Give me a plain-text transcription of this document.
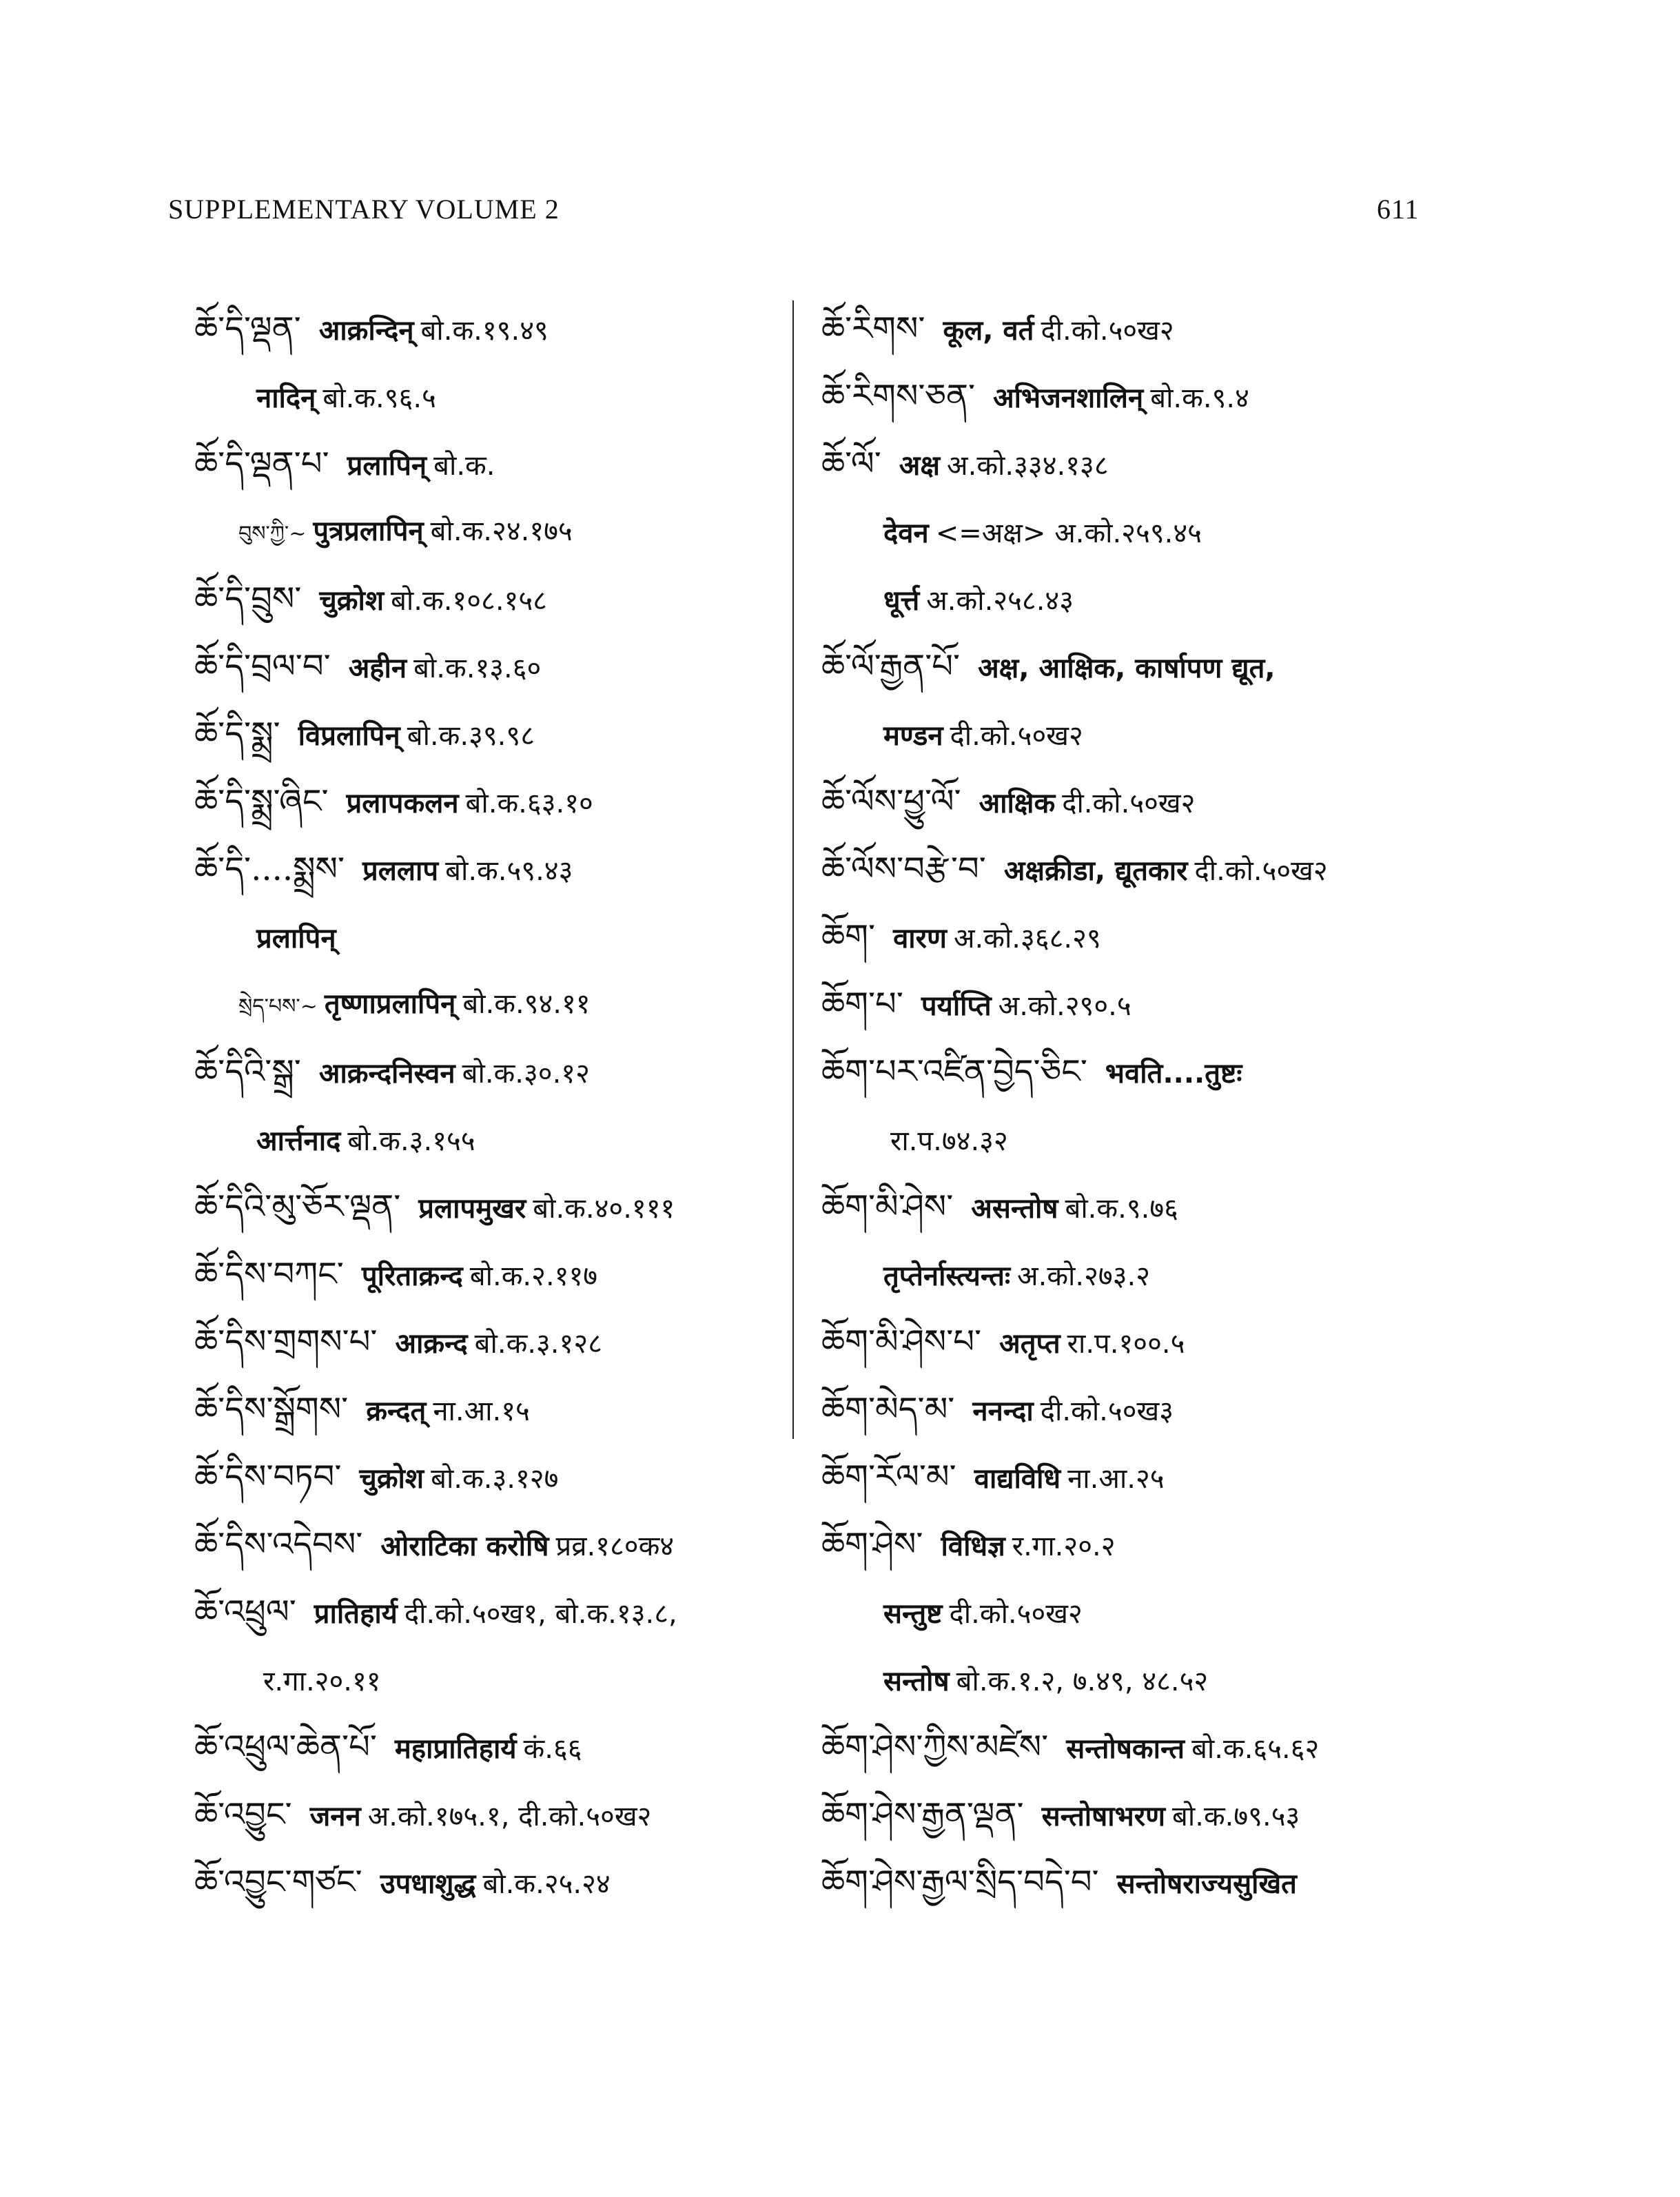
SUPPLEMENTARY VOLUME 2	611
ཆོ་དི་ལྡན་ आक्रन्दिन् बो.क.१९.४९
नादिन् बो.क.९६.५
ཆོ་དི་ལྡན་པ་ प्रलापिन् बो.क.
བུས་ཀྱི་~ पुत्रप्रलापिन् बो.क.२४.१७५
ཆོ་དི་བྲུས་ चुक्रोश बो.क.१०८.१५८
ཆོ་དི་བྲལ་བ་ अहीन बो.क.१३.६०
ཆོ་དི་སྨྲ་ विप्रलापिन् बो.क.३९.९८
ཆོ་དི་སྨྲ་ཞིང་ प्रलापकलन बो.क.६३.१०
ཆོ་དི་....སྨྲས་ प्रललाप बो.क.५९.४३
प्रलापिन्
སྲེད་པས་~ तृष्णाप्रलापिन् बो.क.९४.११
ཆོ་དིའི་སྒྲ་ आक्रन्दनिस्वन बो.क.३०.१२
आर्त्तनाद बो.क.३.१५५
ཆོ་དིའི་མུ་ཅོར་ལྡན་ प्रलापमुखर बो.क.४०.१११
ཆོ་དིས་བཀང་ पूरिताक्रन्द बो.क.२.११७
ཆོ་དིས་གྲགས་པ་ आक्रन्द बो.क.३.१२८
ཆོ་དིས་སྒྲོགས་ क्रन्दत् ना.आ.१५
ཆོ་དིས་བཏབ་ चुक्रोश बो.क.३.१२७
ཆོ་དིས་འདེབས་ ओराटिका करोषि प्रव्र.१८०क४
ཆོ་འཕྲུལ་ प्रातिहार्य दी.को.५०ख१, बो.क.१३.८,
र.गा.२०.११
ཆོ་འཕྲུལ་ཆེན་པོ་ महाप्रातिहार्य कं.६६
ཆོ་འབྱུང་ जनन अ.को.१७५.१, दी.को.५०ख२
ཆོ་འབྱུང་གཙང་ उपधाशुद्ध बो.क.२५.२४
ཆོ་རིགས་ कूल, वर्त दी.को.५०ख२
ཆོ་རིགས་ཅན་ अभिजनशालिन् बो.क.९.४
ཆོ་ལོ་ अक्ष अ.को.३३४.१३८
देवन <=अक्ष> अ.को.२५९.४५
धूर्त्त अ.को.२५८.४३
ཆོ་ལོ་རྒྱན་པོ་ अक्ष, आक्षिक, कार्षापण द्यूत,
मण्डन दी.को.५०ख२
ཆོ་ལོས་ཕྱུ་ལོ་ आक्षिक दी.को.५०ख२
ཆོ་ལོས་བརྩེ་བ་ अक्षक्रीडा, द्यूतकार दी.को.५०ख२
ཆོག་ वारण अ.को.३६८.२९
ཆོག་པ་ पर्याप्ति अ.को.२९०.५
ཆོག་པར་འཛིན་བྱེད་ཅིང་ भवति....तुष्टः
रा.प.७४.३२
ཆོག་མི་ཤེས་ असन्तोष बो.क.९.७६
तृप्तेर्नास्त्यन्तः अ.को.२७३.२
ཆོག་མི་ཤེས་པ་ अतृप्त रा.प.१००.५
ཆོག་མེད་མ་ ननन्दा दी.को.५०ख३
ཆོག་རོལ་མ་ वाद्यविधि ना.आ.२५
ཆོག་ཤེས་ विधिज्ञ र.गा.२०.२
सन्तुष्ट दी.को.५०ख२
सन्तोष बो.क.१.२, ७.४९, ४८.५२
ཆོག་ཤེས་ཀྱིས་མཛེས་ सन्तोषकान्त बो.क.६५.६२
ཆོག་ཤེས་རྒྱན་ལྡན་ सन्तोषाभरण बो.क.७९.५३
ཆོག་ཤེས་རྒྱལ་སྲིད་བདེ་བ་ सन्तोषराज्यसुखित
